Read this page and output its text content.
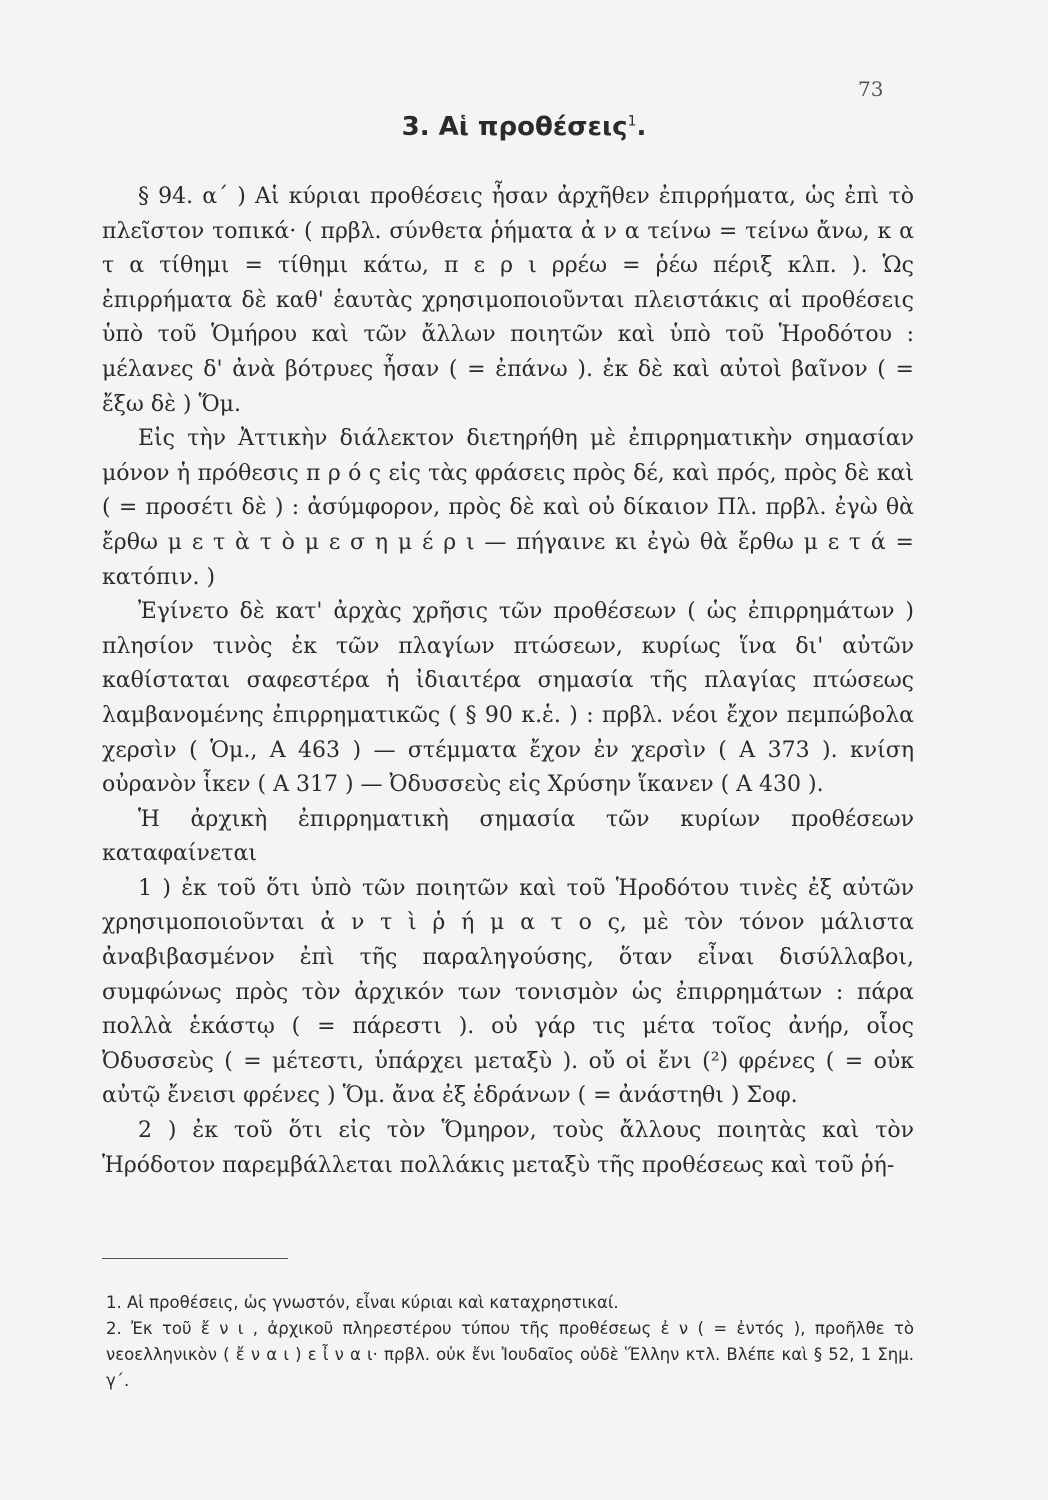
73
3. Αἱ προθέσεις$^1$.

§ 94. α΄ ) Αἱ κύριαι προθέσεις ἦσαν ἀρχῆθεν ἐπιρρήματα, ὡς ἐπὶ τὸ πλεῖστον τοπικά· ( πρβλ. σύνθετα ῥήματα ἀ ν α τείνω = τείνω ἄνω, κ α τ α τίθημι = τίθημι κάτω, π ε ρ ι ρρέω = ῥέω πέριξ κλπ. ). Ὡς ἐπιρρήματα δὲ καθ' ἑαυτὰς χρησιμοποιοῦνται πλειστάκις αἱ προθέσεις ὑπὸ τοῦ Ὁμήρου καὶ τῶν ἄλλων ποιητῶν καὶ ὑπὸ τοῦ Ἡροδότου : μέλανες δ' ἀνὰ βότρυες ἦσαν ( = ἐπάνω ). ἐκ δὲ καὶ αὐτοὶ βαῖνον ( = ἔξω δὲ ) Ὅμ.

Εἰς τὴν Ἀττικὴν διάλεκτον διετηρήθη μὲ ἐπιρρηματικὴν σημασίαν μόνον ἡ πρόθεσις π ρ ό ς εἰς τὰς φράσεις πρὸς δέ, καὶ πρός, πρὸς δὲ καὶ ( = προσέτι δὲ ) : ἀσύμφορον, πρὸς δὲ καὶ οὐ δίκαιον Πλ. πρβλ. ἐγὼ θὰ ἔρθω μ ε τ ὰ τ ὸ μ ε σ η μ έ ρ ι — πήγαινε κι ἐγὼ θὰ ἔρθω μ ε τ ά = κατόπιν. )

Ἐγίνετο δὲ κατ' ἀρχὰς χρῆσις τῶν προθέσεων ( ὡς ἐπιρρημάτων ) πλησίον τινὸς ἐκ τῶν πλαγίων πτώσεων, κυρίως ἵνα δι' αὐτῶν καθίσταται σαφεστέρα ἡ ἰδιαιτέρα σημασία τῆς πλαγίας πτώσεως λαμβανομένης ἐπιρρηματικῶς ( § 90 κ.ἑ. ) : πρβλ. νέοι ἔχον πεμπώβολα χερσὶν ( Ὁμ., Α 463 ) — στέμματα ἔχον ἐν χερσὶν ( Α 373 ). κνίση οὐρανὸν ἷκεν ( Α 317 ) — Ὀδυσσεὺς εἰς Χρύσην ἵκανεν ( Α 430 ).

Ἡ ἀρχικὴ ἐπιρρηματικὴ σημασία τῶν κυρίων προθέσεων καταφαίνεται

1 ) ἐκ τοῦ ὅτι ὑπὸ τῶν ποιητῶν καὶ τοῦ Ἡροδότου τινὲς ἐξ αὐτῶν χρησιμοποιοῦνται ἀ ν τ ὶ ῥ ή μ α τ ο ς, μὲ τὸν τόνον μάλιστα ἀναβιβασμένον ἐπὶ τῆς παραληγούσης, ὅταν εἶναι δισύλλαβοι, συμφώνως πρὸς τὸν ἀρχικόν των τονισμὸν ὡς ἐπιρρημάτων : πάρα πολλὰ ἑκάστῳ ( = πάρεστι ). οὐ γάρ τις μέτα τοῖος ἀνήρ, οἷος Ὀδυσσεὺς ( = μέτεστι, ὑπάρχει μεταξὺ ). οὔ οἱ ἔνι (²) φρένες ( = οὐκ αὐτῷ ἔνεισι φρένες ) Ὅμ. ἄνα ἐξ ἑδράνων ( = ἀνάστηθι ) Σοφ.

2 ) ἐκ τοῦ ὅτι εἰς τὸν Ὅμηρον, τοὺς ἄλλους ποιητὰς καὶ τὸν Ἡρόδοτον παρεμβάλλεται πολλάκις μεταξὺ τῆς προθέσεως καὶ τοῦ ῥή-

1. Αἱ προθέσεις, ὡς γνωστόν, εἶναι κύριαι καὶ καταχρηστικαί.

2. Ἐκ τοῦ ἔ ν ι , ἀρχικοῦ πληρεστέρου τύπου τῆς προθέσεως ἐ ν ( = ἐντός ), προῆλθε τὸ νεοελληνικὸν ( ἔ ν α ι ) ε ἶ ν α ι· πρβλ. οὐκ ἔνι Ἰουδαῖος οὐδὲ Ἕλλην κτλ. Βλέπε καὶ § 52, 1 Σημ. γ΄.
